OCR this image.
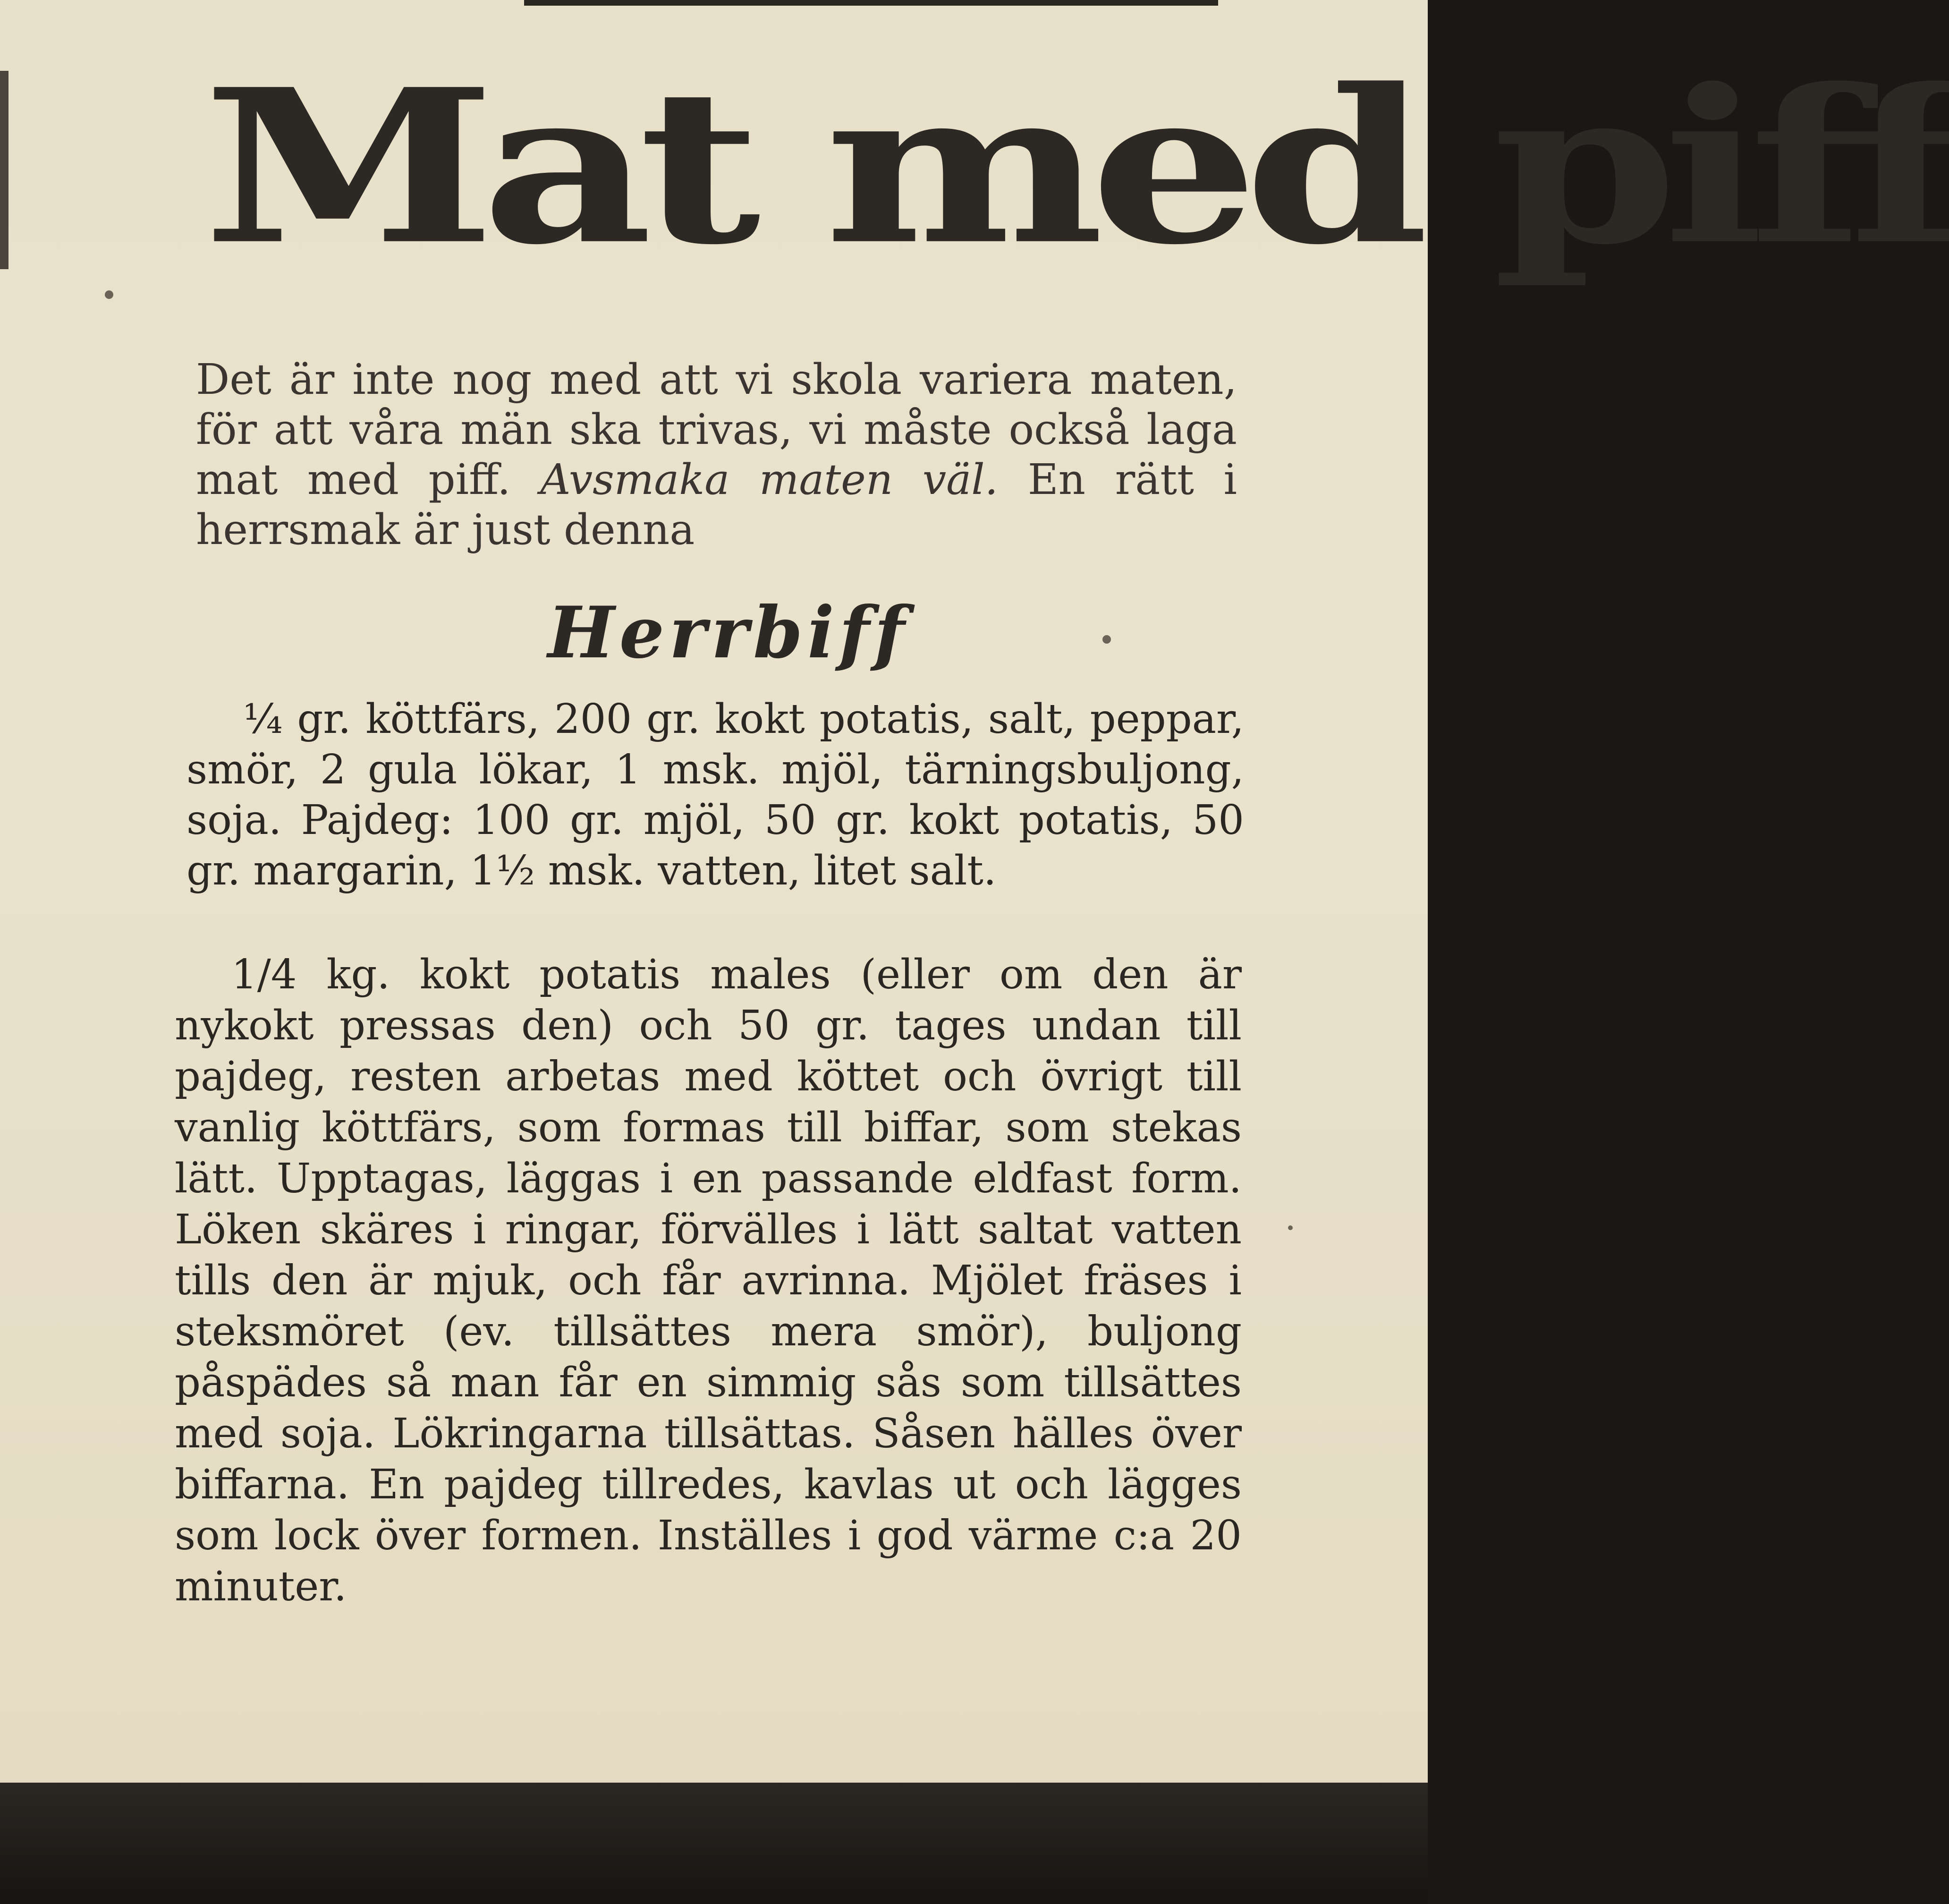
Mat med piff

Det är inte nog med att vi skola variera maten, för att våra män ska trivas, vi måste också laga mat med piff. Avsmaka maten väl. En rätt i herrsmak är just denna

Herrbiff

¼ gr. köttfärs, 200 gr. kokt potatis, salt, peppar, smör, 2 gula lökar, 1 msk. mjöl, tärningsbuljong, soja. Pajdeg: 100 gr. mjöl, 50 gr. kokt potatis, 50 gr. margarin, 1½ msk. vatten, litet salt.

1/4 kg. kokt potatis males (eller om den är nykokt pressas den) och 50 gr. tages undan till pajdeg, resten arbetas med köttet och övrigt till vanlig köttfärs, som formas till biffar, som stekas lätt. Upptagas, läggas i en passande eldfast form. Löken skäres i ringar, förvälles i lätt saltat vatten tills den är mjuk, och får avrinna. Mjölet fräses i steksmöret (ev. tillsättes mera smör), buljong påspädes så man får en simmig sås som tillsättes med soja. Lökringarna tillsättas. Såsen hälles över biffarna. En pajdeg tillredes, kavlas ut och lägges som lock över formen. Inställes i god värme c:a 20 minuter.
